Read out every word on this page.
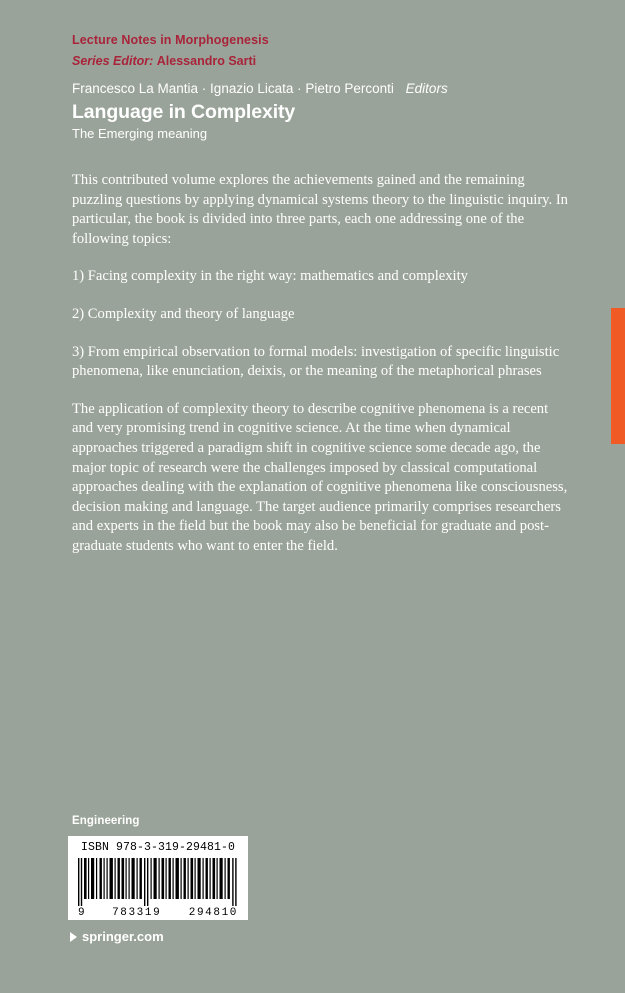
Lecture Notes in Morphogenesis

Series Editor: Alessandro Sarti

Francesco La Mantia · Ignazio Licata · Pietro Perconti Editors
Language in Complexity

The Emerging meaning

This contributed volume explores the achievements gained and the remaining puzzling questions by applying dynamical systems theory to the linguistic inquiry. In particular, the book is divided into three parts, each one addressing one of the following topics:

1) Facing complexity in the right way: mathematics and complexity

2) Complexity and theory of language

3) From empirical observation to formal models: investigation of specific linguistic phenomena, like enunciation, deixis, or the meaning of the metaphorical phrases

The application of complexity theory to describe cognitive phenomena is a recent and very promising trend in cognitive science. At the time when dynamical approaches triggered a paradigm shift in cognitive science some decade ago, the major topic of research were the challenges imposed by classical computational approaches dealing with the explanation of cognitive phenomena like consciousness, decision making and language. The target audience primarily comprises researchers and experts in the field but the book may also be beneficial for graduate and post-graduate students who want to enter the field.

Engineering
ISBN 978-3-319-29481-0
9 783319 294810
springer.com
